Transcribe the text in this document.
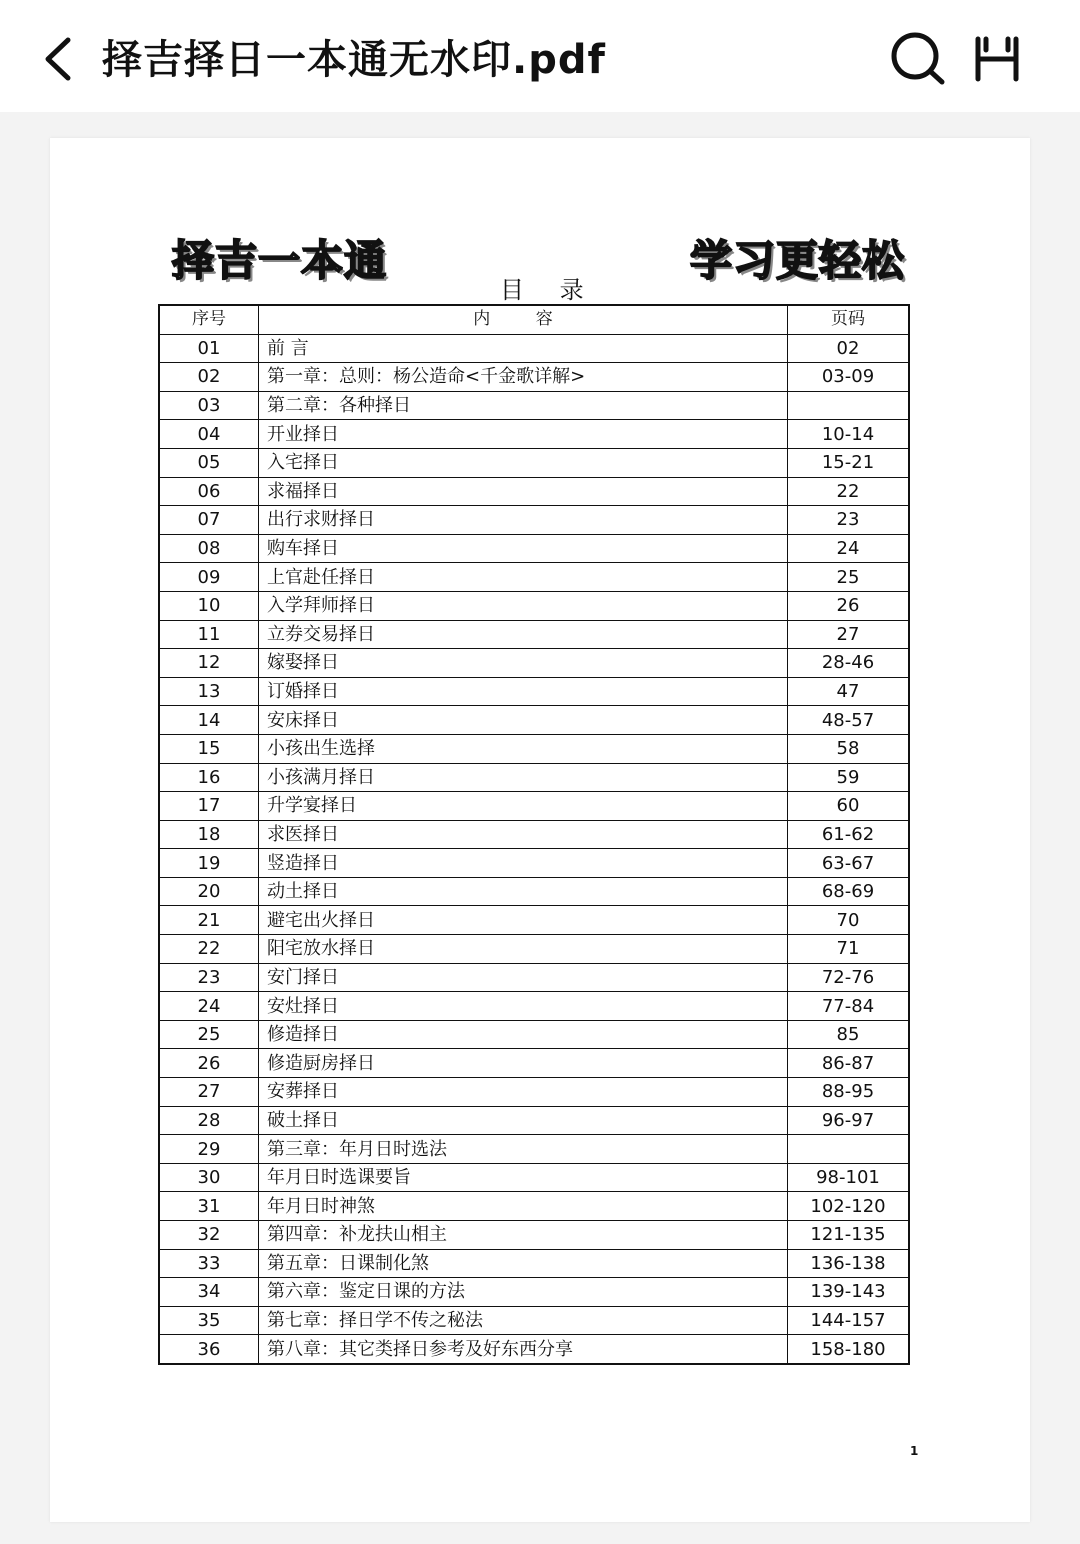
择吉择日一本通无水印.pdf
择吉一本通	学习更轻松
目 录
序号	内 容	页码
01	前 言	02
02	第一章：总则：杨公造命<千金歌详解>	03-09
03	第二章：各种择日	
04	开业择日	10-14
05	入宅择日	15-21
06	求福择日	22
07	出行求财择日	23
08	购车择日	24
09	上官赴任择日	25
10	入学拜师择日	26
11	立券交易择日	27
12	嫁娶择日	28-46
13	订婚择日	47
14	安床择日	48-57
15	小孩出生选择	58
16	小孩满月择日	59
17	升学宴择日	60
18	求医择日	61-62
19	竖造择日	63-67
20	动土择日	68-69
21	避宅出火择日	70
22	阳宅放水择日	71
23	安门择日	72-76
24	安灶择日	77-84
25	修造择日	85
26	修造厨房择日	86-87
27	安葬择日	88-95
28	破土择日	96-97
29	第三章：年月日时选法	
30	年月日时选课要旨	98-101
31	年月日时神煞	102-120
32	第四章：补龙扶山相主	121-135
33	第五章：日课制化煞	136-138
34	第六章：鉴定日课的方法	139-143
35	第七章：择日学不传之秘法	144-157
36	第八章：其它类择日参考及好东西分享	158-180
1
